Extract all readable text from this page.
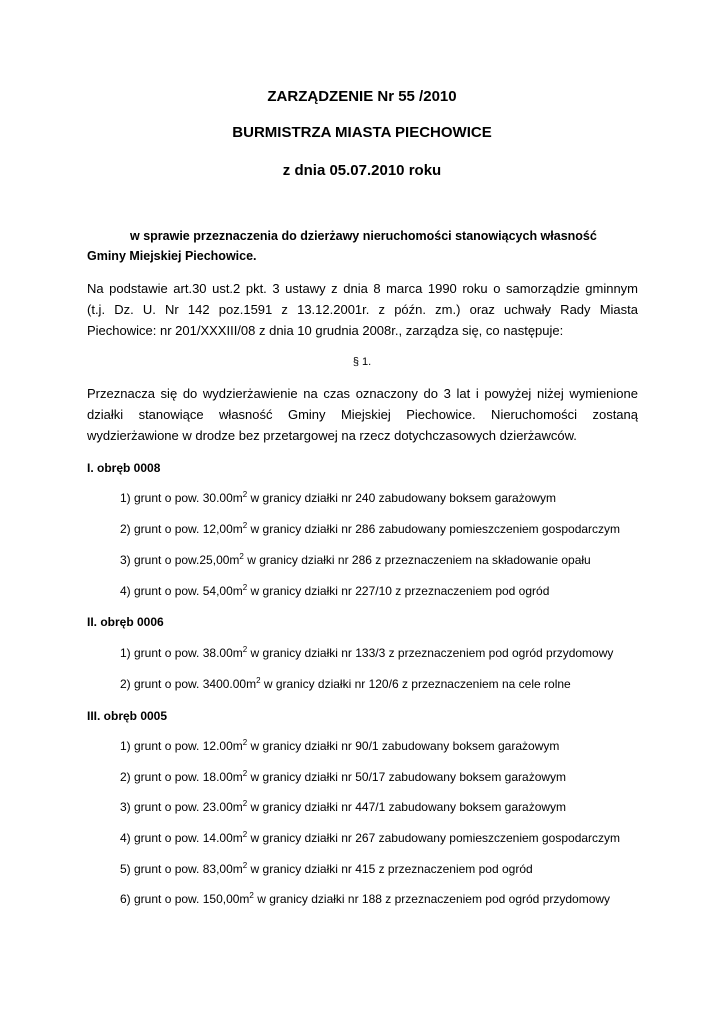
ZARZĄDZENIE Nr 55 /2010
BURMISTRZA MIASTA PIECHOWICE
z dnia 05.07.2010 roku
w sprawie przeznaczenia do dzierżawy nieruchomości stanowiących własność
Gminy Miejskiej Piechowice.
Na podstawie art.30 ust.2 pkt. 3 ustawy z dnia 8 marca 1990 roku o samorządzie gminnym
(t.j. Dz. U. Nr 142 poz.1591 z 13.12.2001r. z późn. zm.) oraz uchwały Rady Miasta
Piechowice: nr 201/XXXIII/08 z dnia 10 grudnia 2008r., zarządza się, co następuje:
§ 1.
Przeznacza się do wydzierżawienie na czas oznaczony do 3 lat i powyżej niżej wymienione
działki stanowiące własność Gminy Miejskiej Piechowice. Nieruchomości zostaną
wydzierżawione w drodze bez przetargowej na rzecz dotychczasowych dzierżawców.
I. obręb 0008
1) grunt o pow. $30.00m^2$ w granicy działki nr 240 zabudowany boksem garażowym
2) grunt o pow. $12,00m^2$ w granicy działki nr 286 zabudowany pomieszczeniem gospodarczym
3) grunt o $pow.25,00m^2$ w granicy działki nr 286 z przeznaczeniem na składowanie opału
4) grunt o pow. $54,00m^2$ w granicy działki nr 227/10 z przeznaczeniem pod ogród
II. obręb 0006
1) grunt o pow. $38.00m^2$ w granicy działki nr 133/3 z przeznaczeniem pod ogród przydomowy
2) grunt o pow. $3400.00m^2$ w granicy działki nr 120/6 z przeznaczeniem na cele rolne
III. obręb 0005
1) grunt o pow. $12.00m^2$ w granicy działki nr 90/1 zabudowany boksem garażowym
2) grunt o pow. $18.00m^2$ w granicy działki nr 50/17 zabudowany boksem garażowym
3) grunt o pow. $23.00m^2$ w granicy działki nr 447/1 zabudowany boksem garażowym
4) grunt o pow. $14.00m^2$ w granicy działki nr 267 zabudowany pomieszczeniem gospodarczym
5) grunt o pow. $83,00m^2$ w granicy działki nr 415 z przeznaczeniem pod ogród
6) grunt o pow. $150,00m^2$ w granicy działki nr 188 z przeznaczeniem pod ogród przydomowy
